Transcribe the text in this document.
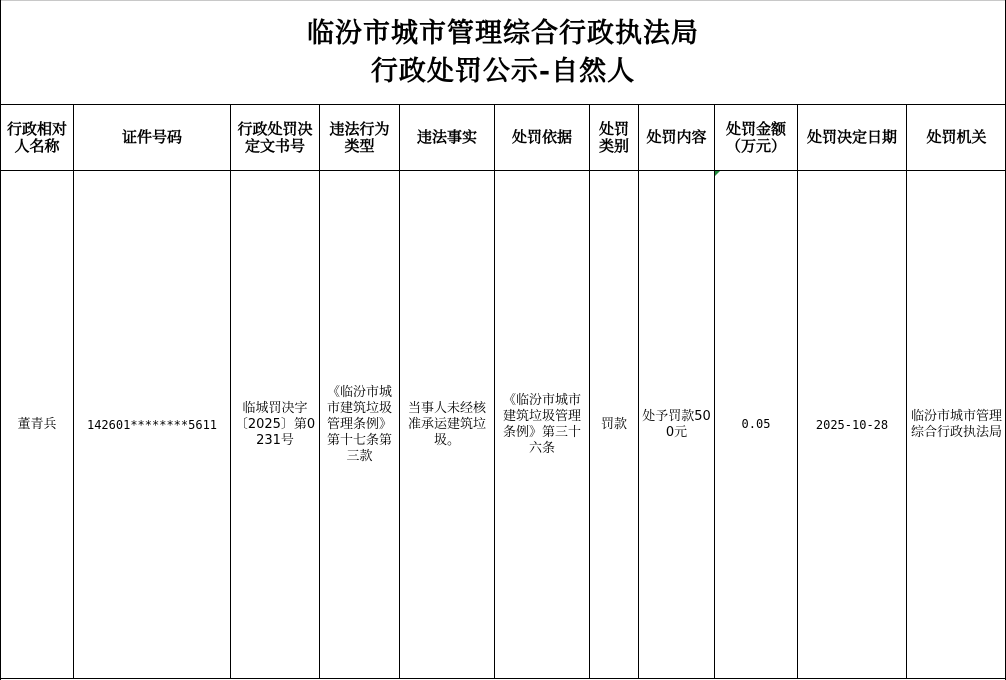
临汾市城市管理综合行政执法局
行政处罚公示-自然人
行政相对人名称	证件号码	行政处罚决定文书号	违法行为类型	违法事实	处罚依据	处罚类别	处罚内容	处罚金额（万元）	处罚决定日期	处罚机关
董青兵	142601********5611	临城罚决字〔2025〕第0231号	《临汾市城市建筑垃圾管理条例》第十七条第三款	当事人未经核准承运建筑垃圾。	《临汾市城市建筑垃圾管理条例》第三十六条	罚款	处予罚款500元	0.05	2025-10-28	临汾市城市管理综合行政执法局
